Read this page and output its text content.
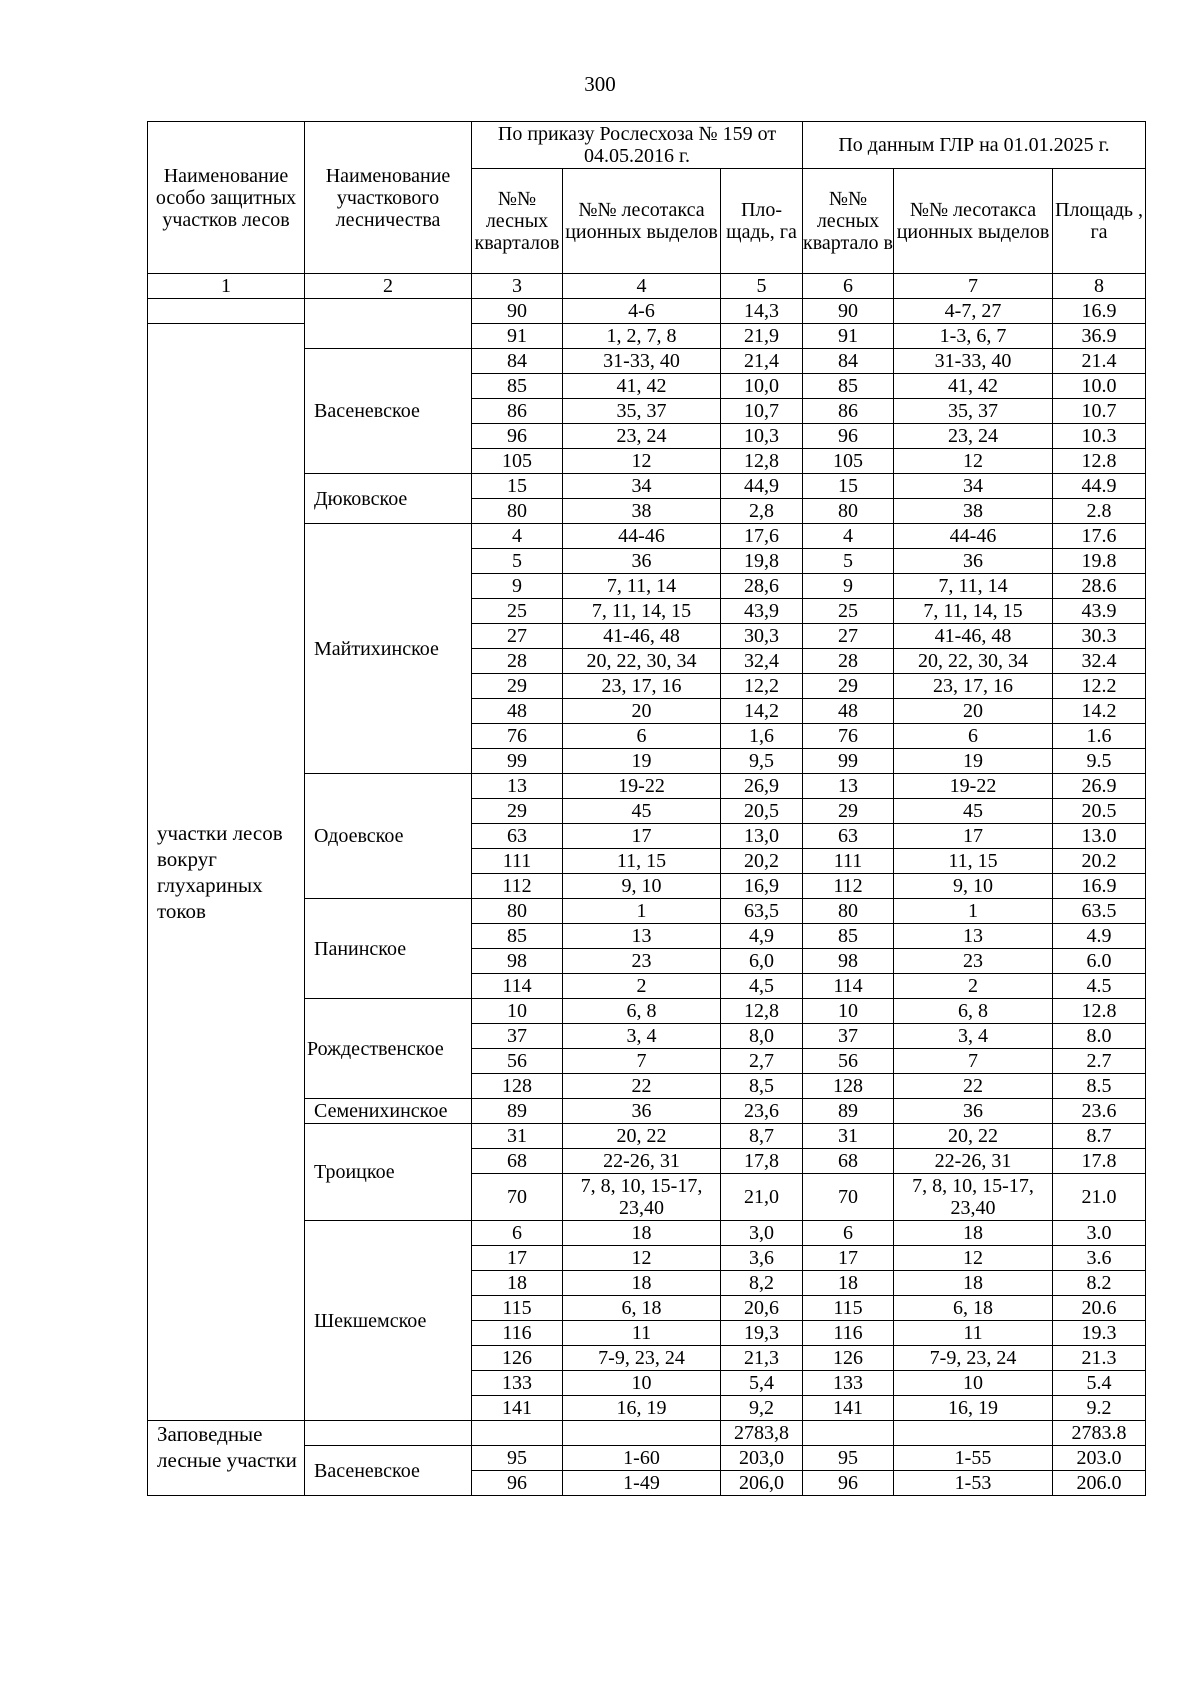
300
Наименование особо защитных участков лесов	Наименование участкового лесничества	По приказу Рослесхоза № 159 от 04.05.2016 г.			По данным ГЛР на 01.01.2025 г.		
		№№ лесных кварталов	№№ лесотакса ционных выделов	Пло-щадь, га	№№ лесных квартало в	№№ лесотакса ционных выделов	Площадь , га
1	2	3	4	5	6	7	8
		90	4-6	14,3	90	4-7, 27	16.9
участки лесов вокруг глухариных токов		91	1, 2, 7, 8	21,9	91	1-3, 6, 7	36.9
	Васеневское	84	31-33, 40	21,4	84	31-33, 40	21.4
		85	41, 42	10,0	85	41, 42	10.0
		86	35, 37	10,7	86	35, 37	10.7
		96	23, 24	10,3	96	23, 24	10.3
		105	12	12,8	105	12	12.8
	Дюковское	15	34	44,9	15	34	44.9
		80	38	2,8	80	38	2.8
	Майтихинское	4	44-46	17,6	4	44-46	17.6
		5	36	19,8	5	36	19.8
		9	7, 11, 14	28,6	9	7, 11, 14	28.6
		25	7, 11, 14, 15	43,9	25	7, 11, 14, 15	43.9
		27	41-46, 48	30,3	27	41-46, 48	30.3
		28	20, 22, 30, 34	32,4	28	20, 22, 30, 34	32.4
		29	23, 17, 16	12,2	29	23, 17, 16	12.2
		48	20	14,2	48	20	14.2
		76	6	1,6	76	6	1.6
		99	19	9,5	99	19	9.5
	Одоевское	13	19-22	26,9	13	19-22	26.9
		29	45	20,5	29	45	20.5
		63	17	13,0	63	17	13.0
		111	11, 15	20,2	111	11, 15	20.2
		112	9, 10	16,9	112	9, 10	16.9
	Панинское	80	1	63,5	80	1	63.5
		85	13	4,9	85	13	4.9
		98	23	6,0	98	23	6.0
		114	2	4,5	114	2	4.5
	Рождественское	10	6, 8	12,8	10	6, 8	12.8
		37	3, 4	8,0	37	3, 4	8.0
		56	7	2,7	56	7	2.7
		128	22	8,5	128	22	8.5
	Семенихинское	89	36	23,6	89	36	23.6
	Троицкое	31	20, 22	8,7	31	20, 22	8.7
		68	22-26, 31	17,8	68	22-26, 31	17.8
		70	7, 8, 10, 15-17, 23,40	21,0	70	7, 8, 10, 15-17, 23,40	21.0
	Шекшемское	6	18	3,0	6	18	3.0
		17	12	3,6	17	12	3.6
		18	18	8,2	18	18	8.2
		115	6, 18	20,6	115	6, 18	20.6
		116	11	19,3	116	11	19.3
		126	7-9, 23, 24	21,3	126	7-9, 23, 24	21.3
		133	10	5,4	133	10	5.4
		141	16, 19	9,2	141	16, 19	9.2
Заповедные лесные участки				2783,8			2783.8
	Васеневское	95	1-60	203,0	95	1-55	203.0
		96	1-49	206,0	96	1-53	206.0
